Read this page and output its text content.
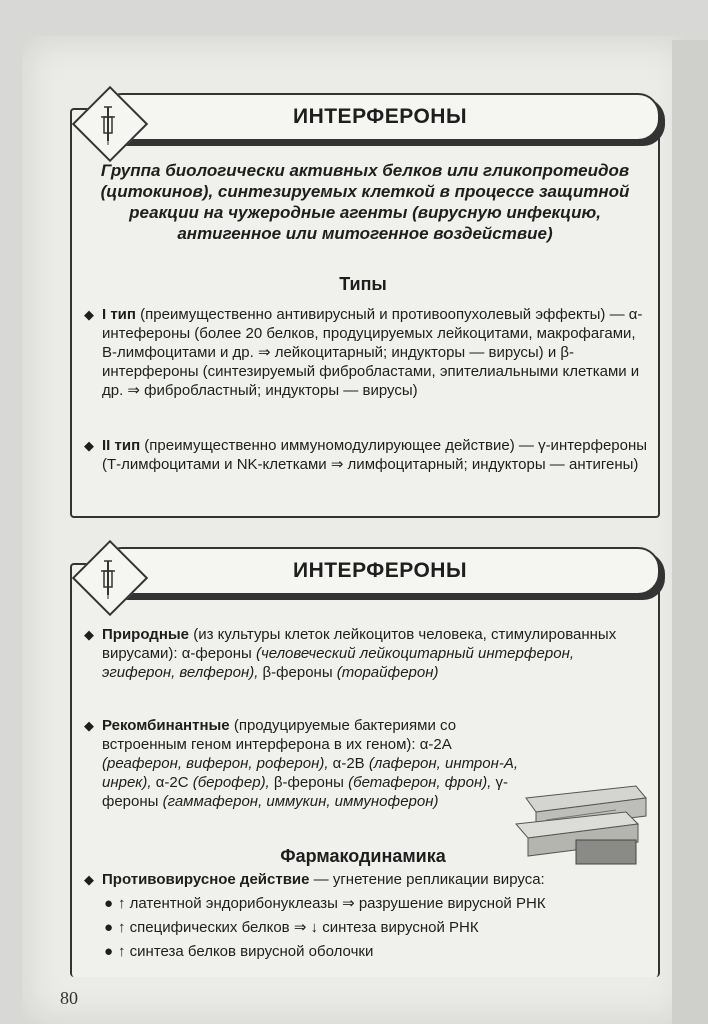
ИНТЕРФЕРОНЫ
Группа биологически активных белков или гликопротеидов (цитокинов), синтезируемых клеткой в процессе защитной реакции на чужеродные агенты (вирусную инфекцию, антигенное или митогенное воздействие)
Типы
◆ I тип (преимущественно антивирусный и противоопухолевый эффекты) — α-интефероны (более 20 белков, продуцируемых лейкоцитами, макрофагами, В-лимфоцитами и др. ⇒ лейкоцитарный; индукторы — вирусы) и β-интерфероны (синтезируемый фибробластами, эпителиальными клетками и др. ⇒ фибробластный; индукторы — вирусы)
◆ II тип (преимущественно иммуномодулирующее действие) — γ-интерфероны (Т-лимфоцитами и NK-клетками ⇒ лимфоцитарный; индукторы — антигены)
ИНТЕРФЕРОНЫ
◆ Природные (из культуры клеток лейкоцитов человека, стимулированных вирусами): α-фероны (человеческий лейкоцитарный интерферон, эгиферон, велферон), β-фероны (торайферон)
◆ Рекомбинантные (продуцируемые бактериями со встроенным геном интерферона в их геном): α-2А (реаферон, виферон, роферон), α-2В (лаферон, интрон-А, инрек), α-2С (берофер), β-фероны (бетаферон, фрон), γ-фероны (гаммаферон, иммукин, иммуноферон)
Фармакодинамика
◆ Противовирусное действие — угнетение репликации вируса:
● ↑ латентной эндорибонуклеазы ⇒ разрушение вирусной РНК
● ↑ специфических белков ⇒ ↓ синтеза вирусной РНК
● ↑ синтеза белков вирусной оболочки
80
